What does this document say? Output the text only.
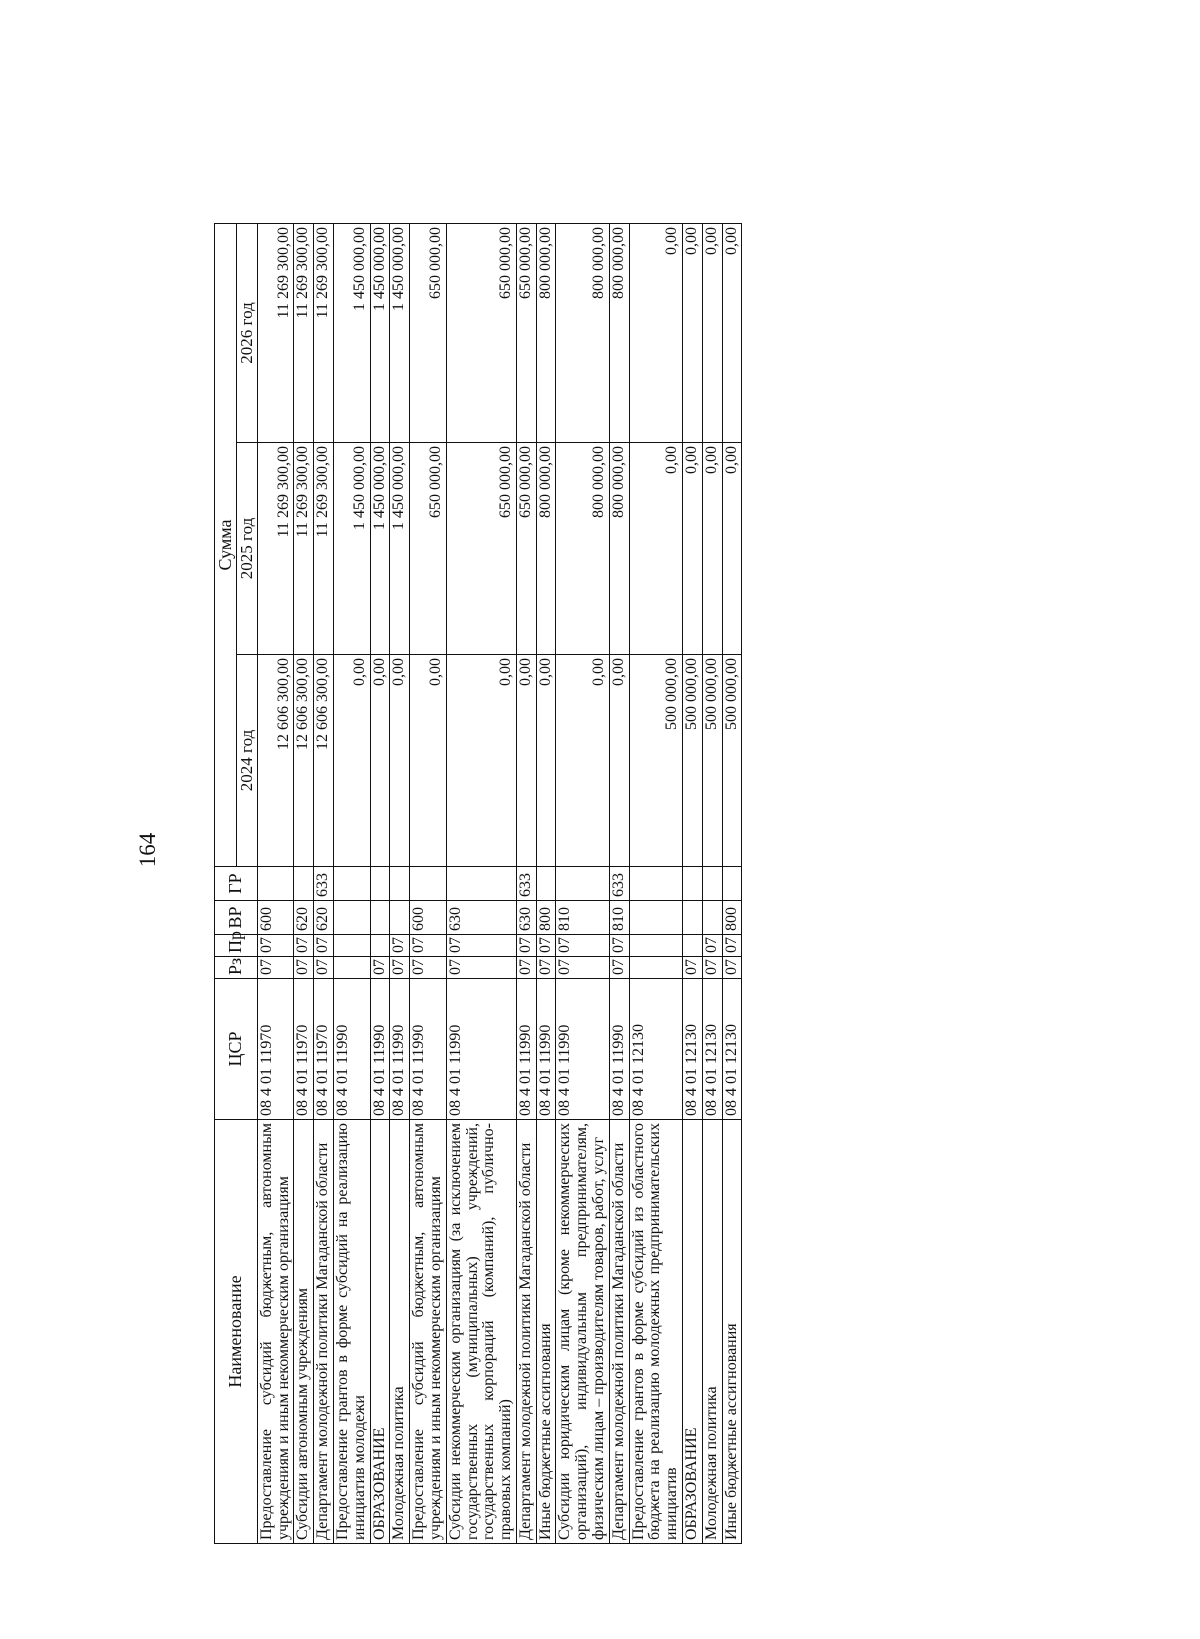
164
Наименование	ЦСР	Рз	Пр	ВР	ГР	Сумма		
						2024 год	2025 год	2026 год
Предоставление субсидий бюджетным, автономным учреждениям и иным некоммерческим организациям	08 4 01 11970	07	07	600		12 606 300,00	11 269 300,00	11 269 300,00
Субсидии автономным учреждениям	08 4 01 11970	07	07	620		12 606 300,00	11 269 300,00	11 269 300,00
Департамент молодежной политики Магаданской области	08 4 01 11970	07	07	620	633	12 606 300,00	11 269 300,00	11 269 300,00
Предоставление грантов в форме субсидий на реализацию инициатив молодежи	08 4 01 11990					0,00	1 450 000,00	1 450 000,00
ОБРАЗОВАНИЕ	08 4 01 11990	07				0,00	1 450 000,00	1 450 000,00
Молодежная политика	08 4 01 11990	07	07			0,00	1 450 000,00	1 450 000,00
Предоставление субсидий бюджетным, автономным учреждениям и иным некоммерческим организациям	08 4 01 11990	07	07	600		0,00	650 000,00	650 000,00
Субсидии некоммерческим организациям (за исключением государственных (муниципальных) учреждений, государственных корпораций (компаний), публично-правовых компаний)	08 4 01 11990	07	07	630		0,00	650 000,00	650 000,00
Департамент молодежной политики Магаданской области	08 4 01 11990	07	07	630	633	0,00	650 000,00	650 000,00
Иные бюджетные ассигнования	08 4 01 11990	07	07	800		0,00	800 000,00	800 000,00
Субсидии юридическим лицам (кроме некоммерческих организаций), индивидуальным предпринимателям, физическим лицам – производителям товаров, работ, услуг	08 4 01 11990	07	07	810		0,00	800 000,00	800 000,00
Департамент молодежной политики Магаданской области	08 4 01 11990	07	07	810	633	0,00	800 000,00	800 000,00
Предоставление грантов в форме субсидий из областного бюджета на реализацию молодежных предпринимательских инициатив	08 4 01 12130					500 000,00	0,00	0,00
ОБРАЗОВАНИЕ	08 4 01 12130	07				500 000,00	0,00	0,00
Молодежная политика	08 4 01 12130	07	07			500 000,00	0,00	0,00
Иные бюджетные ассигнования	08 4 01 12130	07	07	800		500 000,00	0,00	0,00
